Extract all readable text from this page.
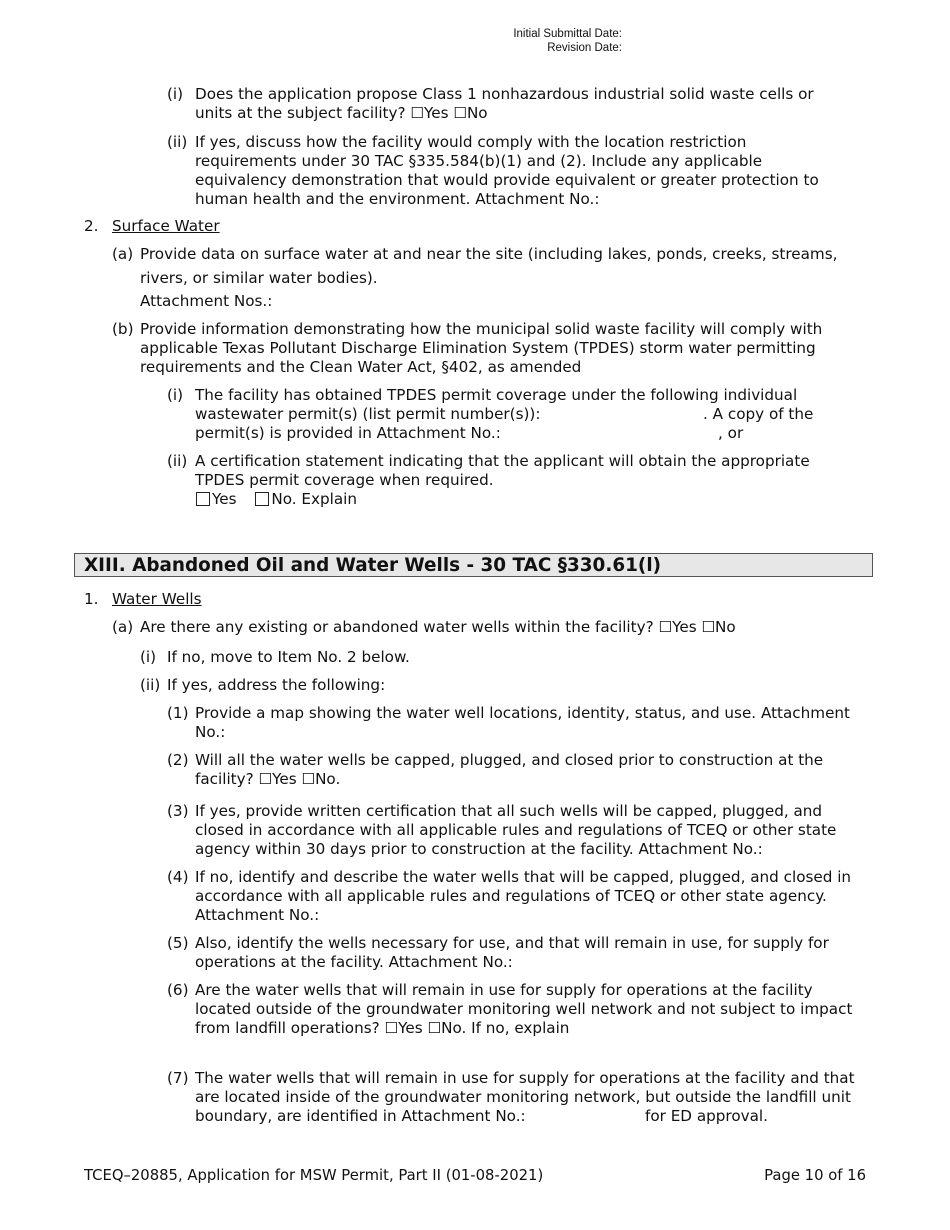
Initial Submittal Date:
Revision Date:
(i) Does the application propose Class 1 nonhazardous industrial solid waste cells or
units at the subject facility? ☐Yes ☐No
(ii) If yes, discuss how the facility would comply with the location restriction
requirements under 30 TAC §335.584(b)(1) and (2). Include any applicable
equivalency demonstration that would provide equivalent or greater protection to
human health and the environment. Attachment No.:
2. Surface Water
(a) Provide data on surface water at and near the site (including lakes, ponds, creeks, streams,
rivers, or similar water bodies).
Attachment Nos.:
(b) Provide information demonstrating how the municipal solid waste facility will comply with
applicable Texas Pollutant Discharge Elimination System (TPDES) storm water permitting
requirements and the Clean Water Act, §402, as amended
(i) The facility has obtained TPDES permit coverage under the following individual
wastewater permit(s) (list permit number(s)):	. A copy of the
permit(s) is provided in Attachment No.:	, or
(ii) A certification statement indicating that the applicant will obtain the appropriate
TPDES permit coverage when required.
Yes No. Explain
XIII. Abandoned Oil and Water Wells - 30 TAC §330.61(l)
1. Water Wells
(a) Are there any existing or abandoned water wells within the facility? ☐Yes ☐No
(i) If no, move to Item No. 2 below.
(ii) If yes, address the following:
(1) Provide a map showing the water well locations, identity, status, and use. Attachment
No.:
(2) Will all the water wells be capped, plugged, and closed prior to construction at the
facility? ☐Yes ☐No.
(3) If yes, provide written certification that all such wells will be capped, plugged, and
closed in accordance with all applicable rules and regulations of TCEQ or other state
agency within 30 days prior to construction at the facility. Attachment No.:
(4) If no, identify and describe the water wells that will be capped, plugged, and closed in
accordance with all applicable rules and regulations of TCEQ or other state agency.
Attachment No.:
(5) Also, identify the wells necessary for use, and that will remain in use, for supply for
operations at the facility. Attachment No.:
(6) Are the water wells that will remain in use for supply for operations at the facility
located outside of the groundwater monitoring well network and not subject to impact
from landfill operations? ☐Yes ☐No. If no, explain
(7) The water wells that will remain in use for supply for operations at the facility and that
are located inside of the groundwater monitoring network, but outside the landfill unit
boundary, are identified in Attachment No.:	for ED approval.
TCEQ–20885, Application for MSW Permit, Part II (01-08-2021)	Page 10 of 16
